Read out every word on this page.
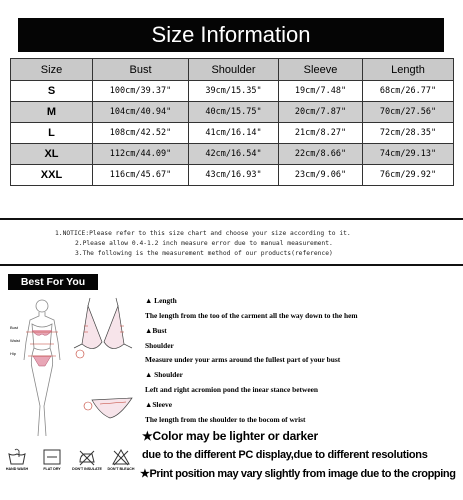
Size Information
Size	Bust	Shoulder	Sleeve	Length
S	100cm/39.37"	39cm/15.35"	19cm/7.48"	68cm/26.77"
M	104cm/40.94"	40cm/15.75"	20cm/7.87"	70cm/27.56"
L	108cm/42.52"	41cm/16.14"	21cm/8.27"	72cm/28.35"
XL	112cm/44.09"	42cm/16.54"	22cm/8.66"	74cm/29.13"
XXL	116cm/45.67"	43cm/16.93"	23cm/9.06"	76cm/29.92"
1.NOTICE:Please refer to this size chart and choose your size according to it.
2.Please allow 0.4-1.2 inch measure error due to manual measurement.
3.The following is the measurement method of our products(reference)
Best For You
Bust
Waist
Hip
▲ Length
The length from the too of the carment all the way down to the hem
▲Bust
Shoulder
Measure under your arms around the fullest part of your bust
▲ Shoulder
Left and right acromion pond the inear stance between
▲Sleeve
The length from the shoulder to the bocom of wrist
★Color may be lighter or darker
due to the different PC display,due to different resolutions
★Print position may vary slightly from image due to the cropping
HAND WASH	FLAT DRY	DON'T INSULATE	DON'T BLEACH
